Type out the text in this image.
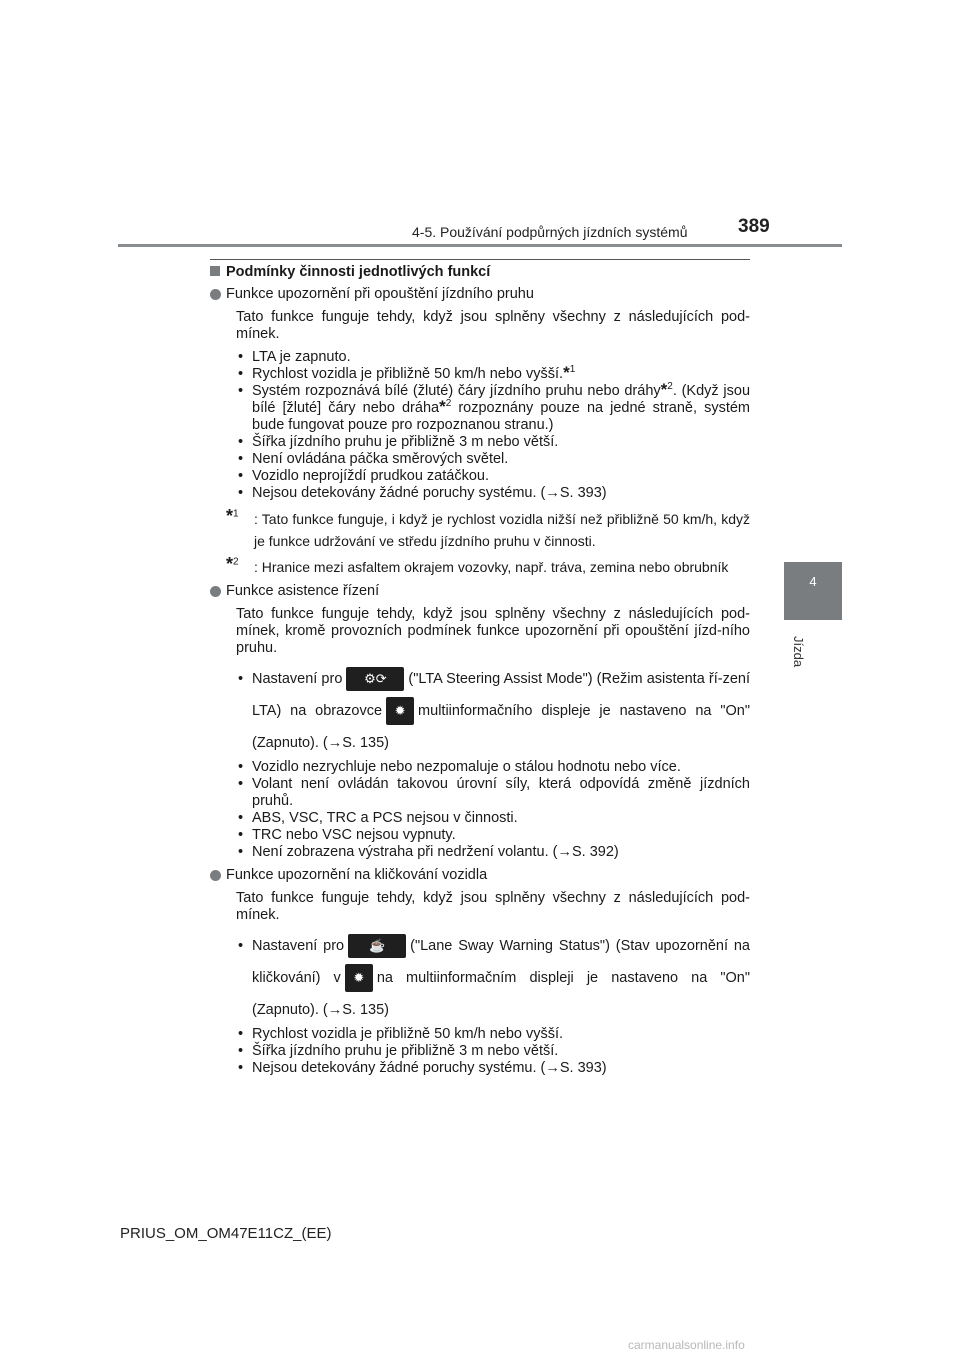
4-5. Používání podpůrných jízdních systémů	389
4
Jízda
Podmínky činnosti jednotlivých funkcí
Funkce upozornění při opouštění jízdního pruhu
Tato funkce funguje tehdy, když jsou splněny všechny z následujících pod-mínek.
• LTA je zapnuto.
• Rychlost vozidla je přibližně 50 km/h nebo vyšší.*$^1$
• Systém rozpoznává bílé (žluté) čáry jízdního pruhu nebo dráhy*$^2$. (Když jsou bílé [žluté] čáry nebo dráha*$^2$ rozpoznány pouze na jedné straně, systém bude fungovat pouze pro rozpoznanou stranu.)
• Šířka jízdního pruhu je přibližně 3 m nebo větší.
• Není ovládána páčka směrových světel.
• Vozidlo neprojíždí prudkou zatáčkou.
• Nejsou detekovány žádné poruchy systému. (→S. 393)
*$^1$ : Tato funkce funguje, i když je rychlost vozidla nižší než přibližně 50 km/h, když je funkce udržování ve středu jízdního pruhu v činnosti.
*$^2$ : Hranice mezi asfaltem okrajem vozovky, např. tráva, zemina nebo obrubník
Funkce asistence řízení
Tato funkce funguje tehdy, když jsou splněny všechny z následujících pod-mínek, kromě provozních podmínek funkce upozornění při opouštění jízd-ního pruhu.
• Nastavení pro ⚙︎⟳ ("LTA Steering Assist Mode") (Režim asistenta ří-zení LTA) na obrazovce ✹ multiinformačního displeje je nastaveno na "On" (Zapnuto). (→S. 135)
• Vozidlo nezrychluje nebo nezpomaluje o stálou hodnotu nebo více.
• Volant není ovládán takovou úrovní síly, která odpovídá změně jízdních pruhů.
• ABS, VSC, TRC a PCS nejsou v činnosti.
• TRC nebo VSC nejsou vypnuty.
• Není zobrazena výstraha při nedržení volantu. (→S. 392)
Funkce upozornění na kličkování vozidla
Tato funkce funguje tehdy, když jsou splněny všechny z následujících pod-mínek.
• Nastavení pro ☕ ("Lane Sway Warning Status") (Stav upozornění na kličkování) v ✹ na multiinformačním displeji je nastaveno na "On" (Zapnuto). (→S. 135)
• Rychlost vozidla je přibližně 50 km/h nebo vyšší.
• Šířka jízdního pruhu je přibližně 3 m nebo větší.
• Nejsou detekovány žádné poruchy systému. (→S. 393)
PRIUS_OM_OM47E11CZ_(EE)
carmanualsonline.info
